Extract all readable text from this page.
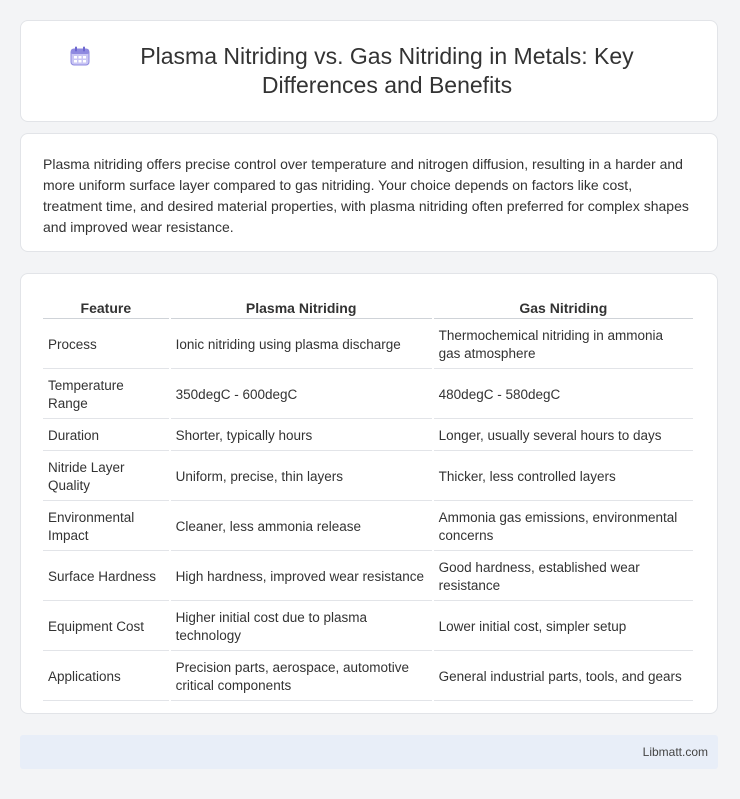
Plasma Nitriding vs. Gas Nitriding in Metals: Key Differences and Benefits

Plasma nitriding offers precise control over temperature and nitrogen diffusion, resulting in a harder and more uniform surface layer compared to gas nitriding. Your choice depends on factors like cost, treatment time, and desired material properties, with plasma nitriding often preferred for complex shapes and improved wear resistance.

Feature	Plasma Nitriding	Gas Nitriding
Process	Ionic nitriding using plasma discharge	Thermochemical nitriding in ammonia gas atmosphere
Temperature Range	350degC - 600degC	480degC - 580degC
Duration	Shorter, typically hours	Longer, usually several hours to days
Nitride Layer Quality	Uniform, precise, thin layers	Thicker, less controlled layers
Environmental Impact	Cleaner, less ammonia release	Ammonia gas emissions, environmental concerns
Surface Hardness	High hardness, improved wear resistance	Good hardness, established wear resistance
Equipment Cost	Higher initial cost due to plasma technology	Lower initial cost, simpler setup
Applications	Precision parts, aerospace, automotive critical components	General industrial parts, tools, and gears
Libmatt.com
